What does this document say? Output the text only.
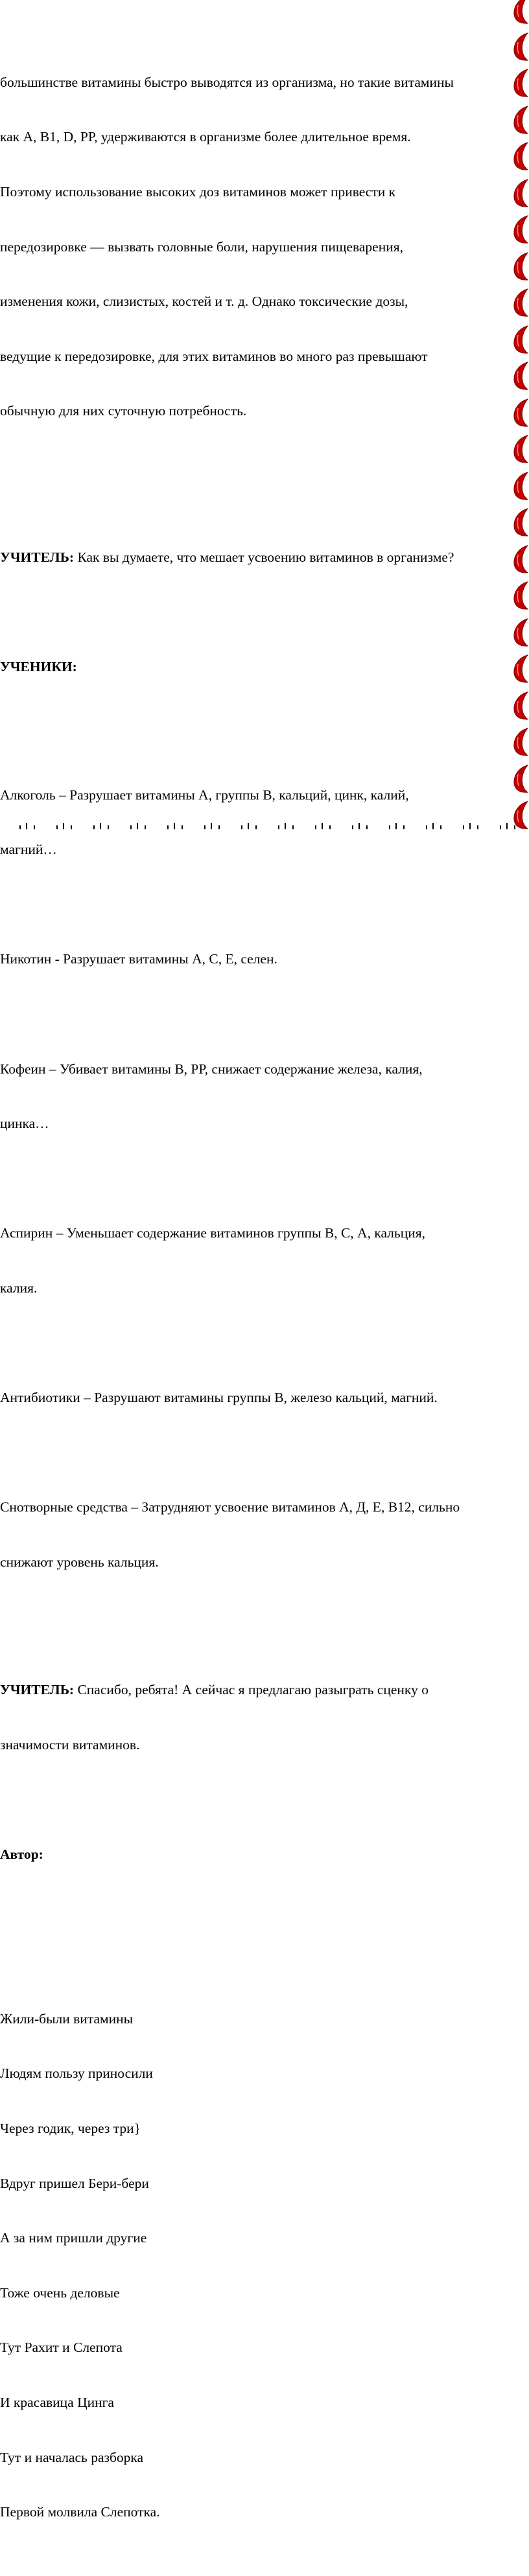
большинстве витамины быстро выводятся из организма, но такие витамины

как А, В1, D, РР, удерживаются в организме более длительное время.

Поэтому использование высоких доз витаминов может привести к

передозировке — вызвать головные боли, нарушения пищеварения,

изменения кожи, слизистых, костей и т. д. Однако токсические дозы,

ведущие к передозировке, для этих витаминов во много раз превышают

обычную для них суточную потребность.

УЧИТЕЛЬ: Как вы думаете, что мешает усвоению витаминов в организме?

УЧЕНИКИ:

Алкоголь – Разрушает витамины А, группы В, кальций, цинк, калий,

магний…

Никотин - Разрушает витамины А, С, Е, селен.

Кофеин – Убивает витамины В, РР, снижает содержание железа, калия,

цинка…

Аспирин – Уменьшает содержание витаминов группы В, С, А, кальция,

калия.

Антибиотики – Разрушают витамины группы В, железо кальций, магний.

Снотворные средства – Затрудняют усвоение витаминов А, Д, Е, В12, сильно

снижают уровень кальция.

УЧИТЕЛЬ: Спасибо, ребята! А сейчас я предлагаю разыграть сценку о

значимости витаминов.

Автор:

Жили-были витамины

Людям пользу приносили

Через годик, через три}

Вдруг пришел Бери-бери

А за ним пришли другие

Тоже очень деловые

Тут Рахит и Слепота

И красавица Цинга

Тут и началась разборка

Первой молвила Слепотка.
